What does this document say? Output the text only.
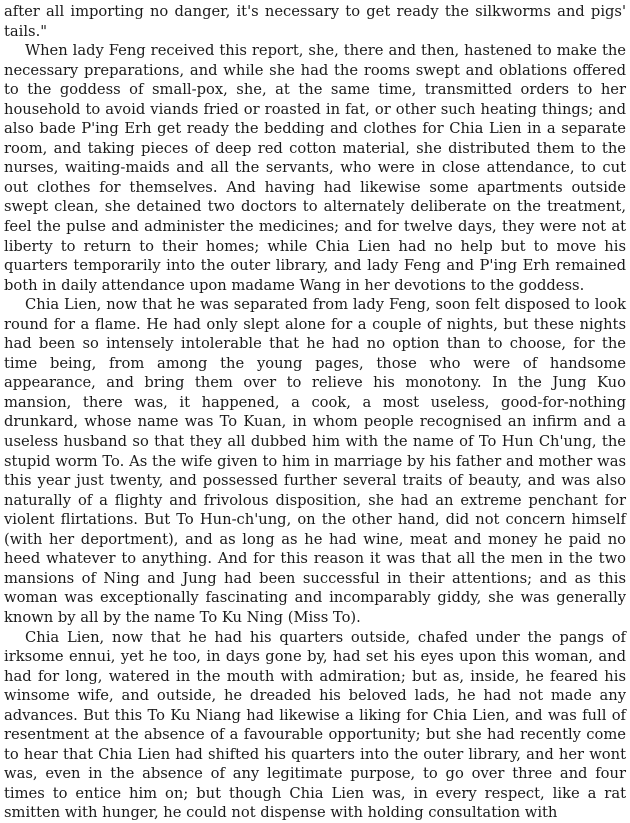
after all importing no danger, it's necessary to get ready the silkworms and pigs' tails."

When lady Feng received this report, she, there and then, hastened to make the necessary preparations, and while she had the rooms swept and oblations offered to the goddess of small-pox, she, at the same time, transmitted orders to her household to avoid viands fried or roasted in fat, or other such heating things; and also bade P'ing Erh get ready the bedding and clothes for Chia Lien in a separate room, and taking pieces of deep red cotton material, she distributed them to the nurses, waiting-maids and all the servants, who were in close attendance, to cut out clothes for themselves. And having had likewise some apartments outside swept clean, she detained two doctors to alternately deliberate on the treatment, feel the pulse and administer the medicines; and for twelve days, they were not at liberty to return to their homes; while Chia Lien had no help but to move his quarters temporarily into the outer library, and lady Feng and P'ing Erh remained both in daily attendance upon madame Wang in her devotions to the goddess.

Chia Lien, now that he was separated from lady Feng, soon felt disposed to look round for a flame. He had only slept alone for a couple of nights, but these nights had been so intensely intolerable that he had no option than to choose, for the time being, from among the young pages, those who were of handsome appearance, and bring them over to relieve his monotony. In the Jung Kuo mansion, there was, it happened, a cook, a most useless, good-for-nothing drunkard, whose name was To Kuan, in whom people recognised an infirm and a useless husband so that they all dubbed him with the name of To Hun Ch'ung, the stupid worm To. As the wife given to him in marriage by his father and mother was this year just twenty, and possessed further several traits of beauty, and was also naturally of a flighty and frivolous disposition, she had an extreme penchant for violent flirtations. But To Hun-ch'ung, on the other hand, did not concern himself (with her deportment), and as long as he had wine, meat and money he paid no heed whatever to anything. And for this reason it was that all the men in the two mansions of Ning and Jung had been successful in their attentions; and as this woman was exceptionally fascinating and incomparably giddy, she was generally known by all by the name To Ku Ning (Miss To).

Chia Lien, now that he had his quarters outside, chafed under the pangs of irksome ennui, yet he too, in days gone by, had set his eyes upon this woman, and had for long, watered in the mouth with admiration; but as, inside, he feared his winsome wife, and outside, he dreaded his beloved lads, he had not made any advances. But this To Ku Niang had likewise a liking for Chia Lien, and was full of resentment at the absence of a favourable opportunity; but she had recently come to hear that Chia Lien had shifted his quarters into the outer library, and her wont was, even in the absence of any legitimate purpose, to go over three and four times to entice him on; but though Chia Lien was, in every respect, like a rat smitten with hunger, he could not dispense with holding consultation with
